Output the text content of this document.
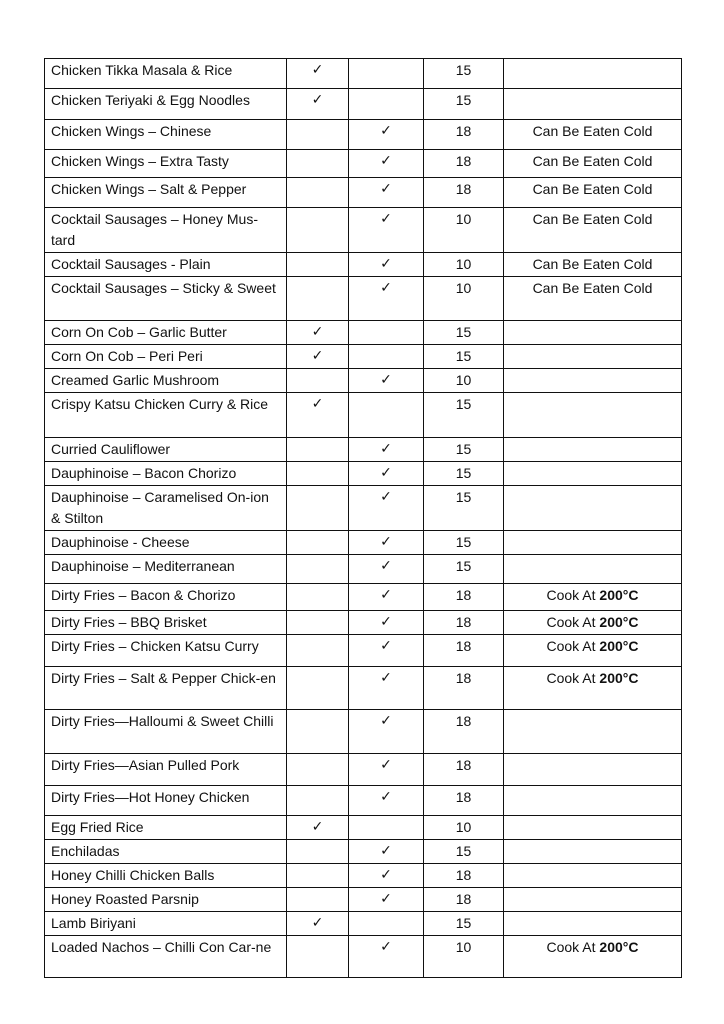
Chicken Tikka Masala & Rice	✓		15	
Chicken Teriyaki & Egg Noodles	✓		15	
Chicken Wings – Chinese		✓	18	Can Be Eaten Cold
Chicken Wings – Extra Tasty		✓	18	Can Be Eaten Cold
Chicken Wings – Salt & Pepper		✓	18	Can Be Eaten Cold
Cocktail Sausages – Honey Mus-tard		✓	10	Can Be Eaten Cold
Cocktail Sausages - Plain		✓	10	Can Be Eaten Cold
Cocktail Sausages – Sticky & Sweet		✓	10	Can Be Eaten Cold
Corn On Cob – Garlic Butter	✓		15	
Corn On Cob – Peri Peri	✓		15	
Creamed Garlic Mushroom		✓	10	
Crispy Katsu Chicken Curry & Rice	✓		15	
Curried Cauliflower		✓	15	
Dauphinoise – Bacon Chorizo		✓	15	
Dauphinoise – Caramelised On-ion & Stilton		✓	15	
Dauphinoise - Cheese		✓	15	
Dauphinoise – Mediterranean		✓	15	
Dirty Fries – Bacon & Chorizo		✓	18	Cook At 200°C
Dirty Fries – BBQ Brisket		✓	18	Cook At 200°C
Dirty Fries – Chicken Katsu Curry		✓	18	Cook At 200°C
Dirty Fries – Salt & Pepper Chick-en		✓	18	Cook At 200°C
Dirty Fries—Halloumi & Sweet Chilli		✓	18	
Dirty Fries—Asian Pulled Pork		✓	18	
Dirty Fries—Hot Honey Chicken		✓	18	
Egg Fried Rice	✓		10	
Enchiladas		✓	15	
Honey Chilli Chicken Balls		✓	18	
Honey Roasted Parsnip		✓	18	
Lamb Biriyani	✓		15	
Loaded Nachos – Chilli Con Car-ne		✓	10	Cook At 200°C
